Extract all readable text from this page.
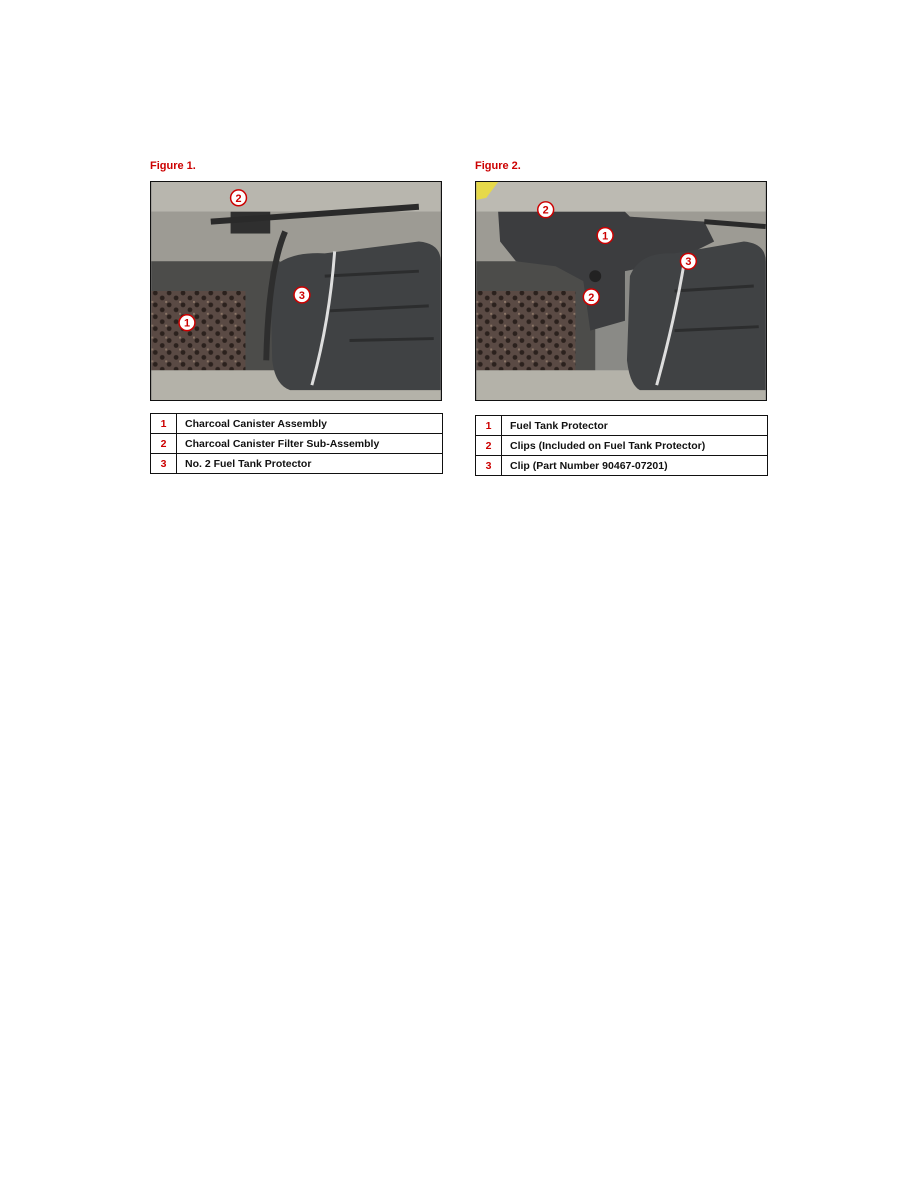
Figure 1.
2
1
3
1	Charcoal Canister Assembly
2	Charcoal Canister Filter Sub-Assembly
3	No. 2 Fuel Tank Protector
Figure 2.
2
1
2
3
1	Fuel Tank Protector
2	Clips (Included on Fuel Tank Protector)
3	Clip (Part Number 90467-07201)
